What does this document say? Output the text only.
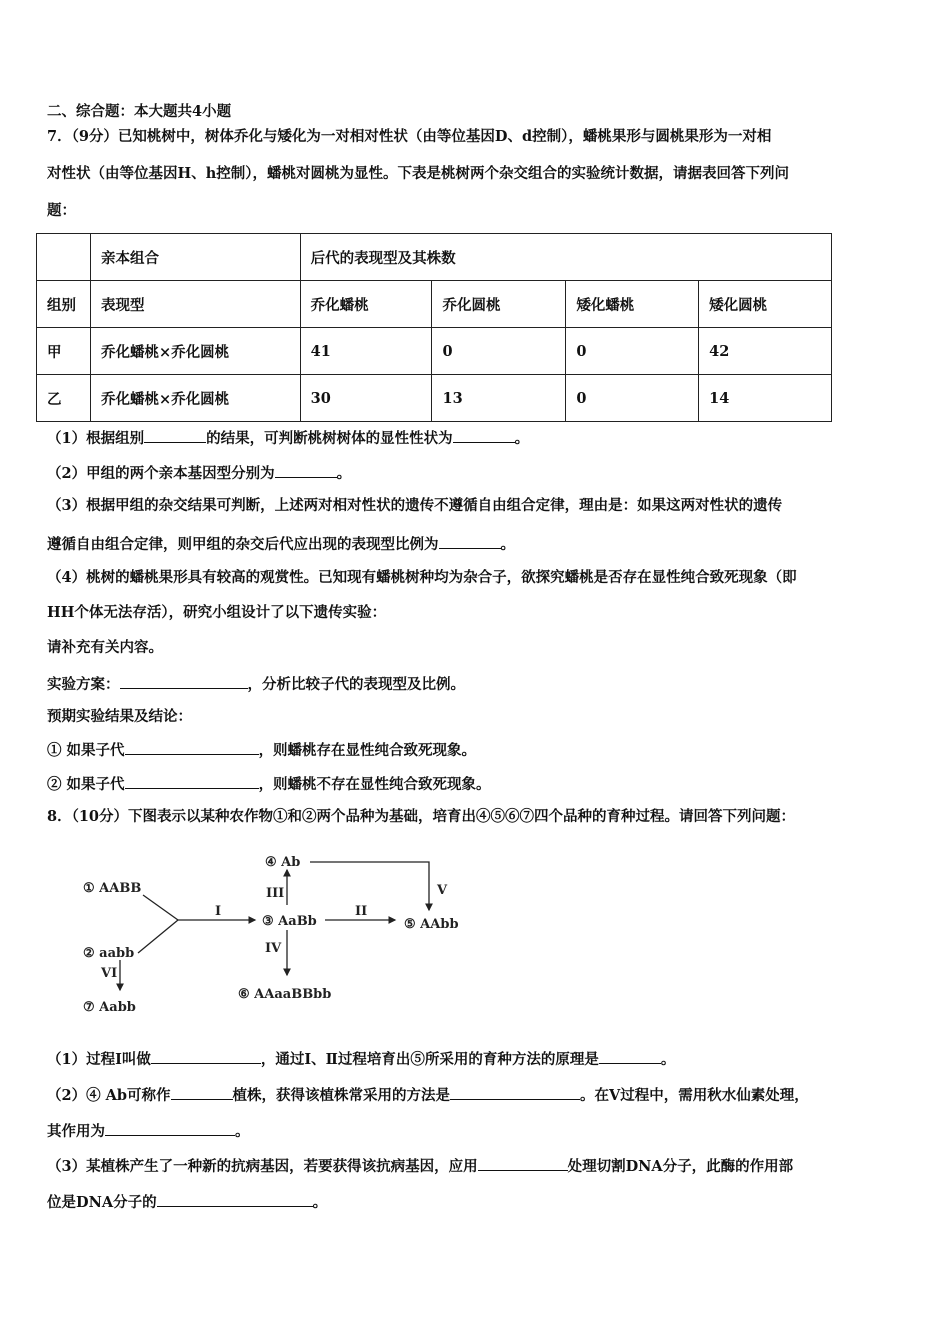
二、综合题：本大题共4小题
7．（9分）已知桃树中，树体乔化与矮化为一对相对性状（由等位基因D、d控制），蟠桃果形与圆桃果形为一对相
对性状（由等位基因H、h控制），蟠桃对圆桃为显性。下表是桃树两个杂交组合的实验统计数据，请据表回答下列问
题：
	亲本组合	后代的表现型及其株数			
组别	表现型	乔化蟠桃	乔化圆桃	矮化蟠桃	矮化圆桃
甲	乔化蟠桃×乔化圆桃	41	0	0	42
乙	乔化蟠桃×乔化圆桃	30	13	0	14
（1）根据组别	的结果，可判断桃树树体的显性性状为	。
（2）甲组的两个亲本基因型分别为	。
（3）根据甲组的杂交结果可判断，上述两对相对性状的遗传不遵循自由组合定律，理由是：如果这两对性状的遗传
遵循自由组合定律，则甲组的杂交后代应出现的表现型比例为	。
（4）桃树的蟠桃果形具有较高的观赏性。已知现有蟠桃树种均为杂合子，欲探究蟠桃是否存在显性纯合致死现象（即
HH个体无法存活），研究小组设计了以下遗传实验：
请补充有关内容。
实验方案：	，分析比较子代的表现型及比例。
预期实验结果及结论：
① 如果子代	，则蟠桃存在显性纯合致死现象。
② 如果子代	，则蟠桃不存在显性纯合致死现象。
8．（10分）下图表示以某种农作物①和②两个品种为基础，培育出④⑤⑥⑦四个品种的育种过程。请回答下列问题：
① AABB
② aabb
③ AaBb
④ Ab
⑤ AAbb
⑥ AAaaBBbb
⑦ Aabb
I	II
III
IV
V
VI
（1）过程I叫做	，通过I、Ⅱ过程培育出⑤所采用的育种方法的原理是	。
（2）④ Ab可称作	植株，获得该植株常采用的方法是	。在V过程中，需用秋水仙素处理，
其作用为	。
（3）某植株产生了一种新的抗病基因，若要获得该抗病基因，应用	处理切割DNA分子，此酶的作用部
位是DNA分子的	。
